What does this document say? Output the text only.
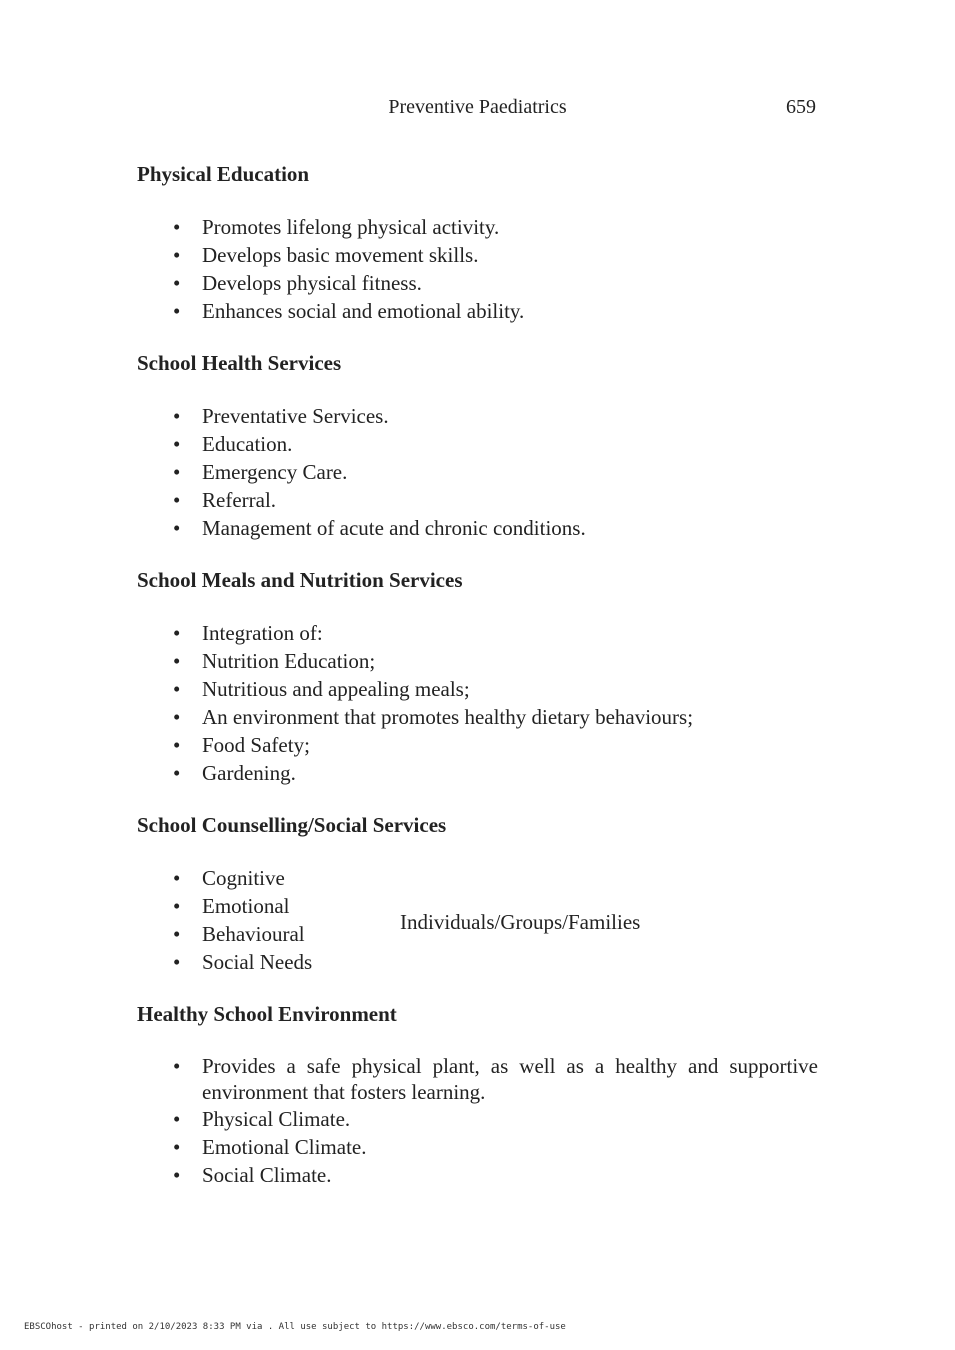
Preventive Paediatrics	659
Physical Education
• Promotes lifelong physical activity.
• Develops basic movement skills.
• Develops physical fitness.
• Enhances social and emotional ability.
School Health Services
• Preventative Services.
• Education.
• Emergency Care.
• Referral.
• Management of acute and chronic conditions.
School Meals and Nutrition Services
• Integration of:
• Nutrition Education;
• Nutritious and appealing meals;
• An environment that promotes healthy dietary behaviours;
• Food Safety;
• Gardening.
School Counselling/Social Services
• Cognitive
• Emotional
• Behavioural
• Social Needs
Individuals/Groups/Families
Healthy School Environment
• Provides a safe physical plant, as well as a healthy and supportive environment that fosters learning.
• Physical Climate.
• Emotional Climate.
• Social Climate.
EBSCOhost - printed on 2/10/2023 8:33 PM via . All use subject to https://www.ebsco.com/terms-of-use
